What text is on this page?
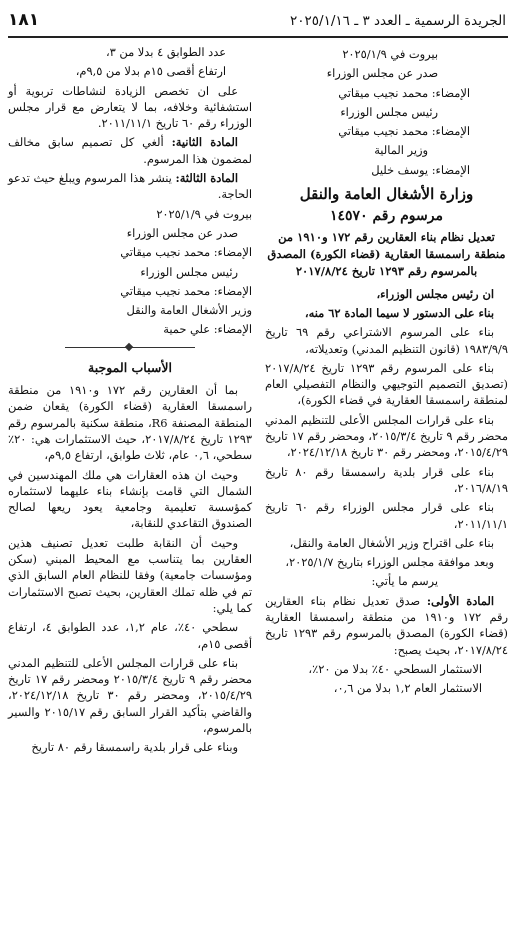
الجريدة الرسمية ـ العدد ٣ ـ ٢٠٢٥/١/١٦
١٨١

بيروت في ٢٠٢٥/١/٩

صدر عن مجلس الوزراء

الإمضاء: محمد نجيب ميقاتي

رئيس مجلس الوزراء

الإمضاء: محمد نجيب ميقاتي

وزير المالية

الإمضاء: يوسف خليل

وزارة الأشغال العامة والنقل
مرسوم رقم ١٤٥٧٠
تعديل نظام بناء العقارين رقم ١٧٢ و١٩١٠ من منطقة راسمسقا العقارية (قضاء الكورة) المصدق بالمرسوم رقم ١٢٩٣ تاريخ ٢٠١٧/٨/٢٤

ان رئيس مجلس الوزراء،

بناء على الدستور لا سيما المادة ٦٢ منه،

بناء على المرسوم الاشتراعي رقم ٦٩ تاريخ ١٩٨٣/٩/٩ (قانون التنظيم المدني) وتعديلاته،

بناء على المرسوم رقم ١٢٩٣ تاريخ ٢٠١٧/٨/٢٤ (تصديق التصميم التوجيهي والنظام التفصيلي العام لمنطقة راسمسقا العقارية في قضاء الكورة)،

بناء على قرارات المجلس الأعلى للتنظيم المدني محضر رقم ٩ تاريخ ٢٠١٥/٣/٤، ومحضر رقم ١٧ تاريخ ٢٠١٥/٤/٢٩، ومحضر رقم ٣٠ تاريخ ٢٠٢٤/١٢/١٨،

بناء على قرار بلدية راسمسقا رقم ٨٠ تاريخ ٢٠١٦/٨/١٩،

بناء على قرار مجلس الوزراء رقم ٦٠ تاريخ ٢٠١١/١١/١،

بناء على اقتراح وزير الأشغال العامة والنقل،

وبعد موافقة مجلس الوزراء بتاريخ ٢٠٢٥/١/٧،

يرسم ما يأتي:

المادة الأولى: صدق تعديل نظام بناء العقارين رقم ١٧٢ و١٩١٠ من منطقة راسمسقا العقارية (قضاء الكورة) المصدق بالمرسوم رقم ١٢٩٣ تاريخ ٢٠١٧/٨/٢٤، بحيث يصبح:

الاستثمار السطحي ٤٠٪ بدلا من ٢٠٪،

الاستثمار العام ١,٢ بدلا من ٠,٦،

عدد الطوابق ٤ بدلا من ٣،

ارتفاع أقصى ١٥م بدلا من ٩,٥م،

على ان تخصص الزيادة لنشاطات تربوية أو استشفائية وخلافه، بما لا يتعارض مع قرار مجلس الوزراء رقم ٦٠ تاريخ ٢٠١١/١١/١.

المادة الثانية: ألغي كل تصميم سابق مخالف لمضمون هذا المرسوم.

المادة الثالثة: ينشر هذا المرسوم ويبلغ حيث تدعو الحاجة.

بيروت في ٢٠٢٥/١/٩

صدر عن مجلس الوزراء

الإمضاء: محمد نجيب ميقاتي

رئيس مجلس الوزراء

الإمضاء: محمد نجيب ميقاتي

وزير الأشغال العامة والنقل

الإمضاء: علي حمية

الأسباب الموجبة

بما أن العقارين رقم ١٧٢ و١٩١٠ من منطقة راسمسقا العقارية (قضاء الكورة) يقعان ضمن المنطقة المصنفة R6، منطقة سكنية بالمرسوم رقم ١٢٩٣ تاريخ ٢٠١٧/٨/٢٤، حيث الاستثمارات هي: ٢٠٪ سطحي، ٠,٦ عام، ثلاث طوابق، ارتفاع ٩,٥م،

وحيث ان هذه العقارات هي ملك المهندسين في الشمال التي قامت بإنشاء بناء عليهما لاستثماره كمؤسسة تعليمية وجامعية يعود ريعها لصالح الصندوق التقاعدي للنقابة،

وحيث أن النقابة طلبت تعديل تصنيف هذين العقارين بما يتناسب مع المحيط المبني (سكن ومؤسسات جامعية) وفقا للنظام العام السابق الذي تم في ظله تملك العقارين، بحيث تصبح الاستثمارات كما يلي:

سطحي ٤٠٪، عام ١,٢، عدد الطوابق ٤، ارتفاع أقصى ١٥م،

بناء على قرارات المجلس الأعلى للتنظيم المدني محضر رقم ٩ تاريخ ٢٠١٥/٣/٤ ومحضر رقم ١٧ تاريخ ٢٠١٥/٤/٢٩، ومحضر رقم ٣٠ تاريخ ٢٠٢٤/١٢/١٨، والقاضي بتأكيد القرار السابق رقم ٢٠١٥/١٧ والسير بالمرسوم،

وبناء على قرار بلدية راسمسقا رقم ٨٠ تاريخ
